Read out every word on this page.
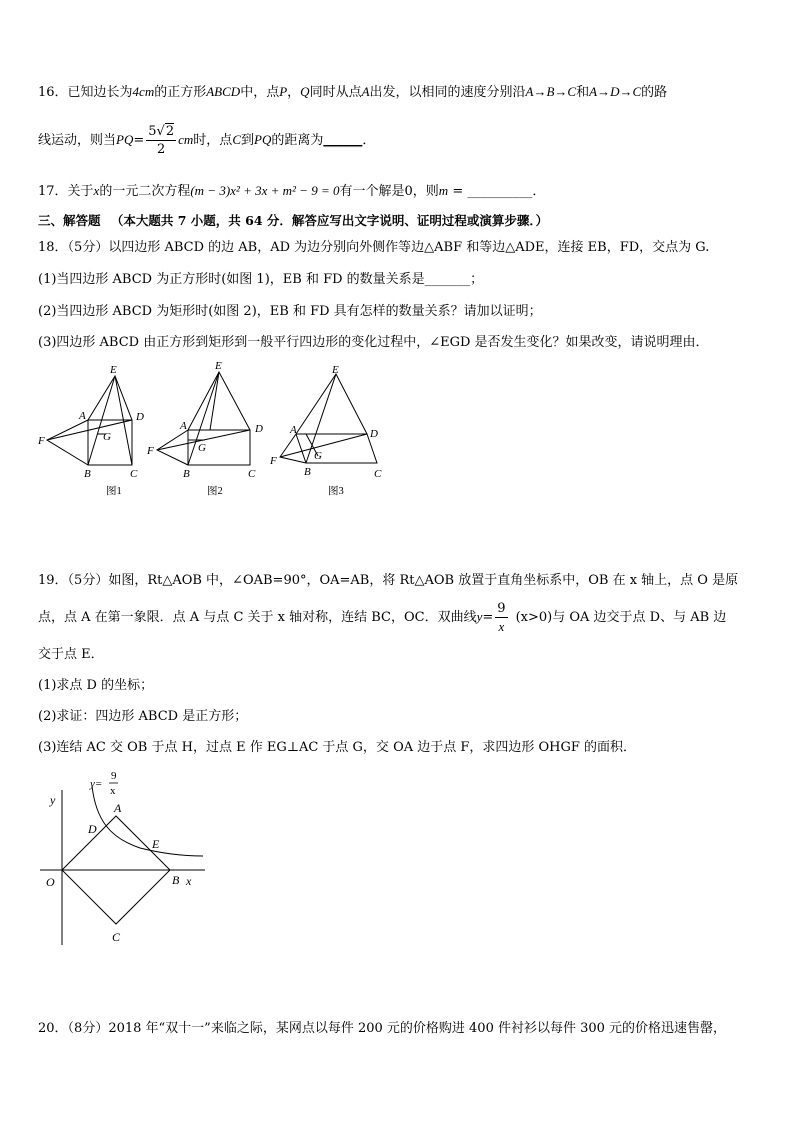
16．已知边长为4cm的正方形ABCD中，点P，Q同时从点A出发，以相同的速度分别沿A→B→C和A→D→C的路
线运动，则当$PQ= \frac{5√2}{2}$ cm时，点C到PQ的距离为______．
17．关于x的一元二次方程(m − 3)x² + 3x + m² − 9 = 0有一个解是0，则m = __________．
三、解答题 （本大题共 7 小题，共 64 分．解答应写出文字说明、证明过程或演算步骤．）
18．（5分）以四边形 ABCD 的边 AB，AD 为边分别向外侧作等边△ABF 和等边△ADE，连接 EB，FD，交点为 G.
(1)当四边形 ABCD 为正方形时(如图 1)，EB 和 FD 的数量关系是_______；
(2)当四边形 ABCD 为矩形时(如图 2)，EB 和 FD 具有怎样的数量关系？请加以证明；
(3)四边形 ABCD 由正方形到矩形到一般平行四边形的变化过程中，∠EGD 是否发生变化？如果改变，请说明理由．
E
A	D
F	G
B	C
E
A	D
F	G
B	C
E
A	D
F	G
B	C
图1	图2	图3
19．（5分）如图，Rt△AOB 中，∠OAB=90°，OA=AB，将 Rt△AOB 放置于直角坐标系中，OB 在 x 轴上，点 O 是原
点，点 A 在第一象限．点 A 与点 C 关于 x 轴对称，连结 BC，OC．双曲线$y= \frac{9}{x} (x>0)$与 OA 边交于点 D、与 AB 边
交于点 E．
(1)求点 D 的坐标；
(2)求证：四边形 ABCD 是正方形；
(3)连结 AC 交 OB 于点 H，过点 E 作 EG⊥AC 于点 G，交 OA 边于点 F，求四边形 OHGF 的面积．
y
A
D
E
O	B x
C
y=
9
x
20．（8分）2018 年“双十一”来临之际，某网点以每件 200 元的价格购进 400 件衬衫以每件 300 元的价格迅速售罄，
